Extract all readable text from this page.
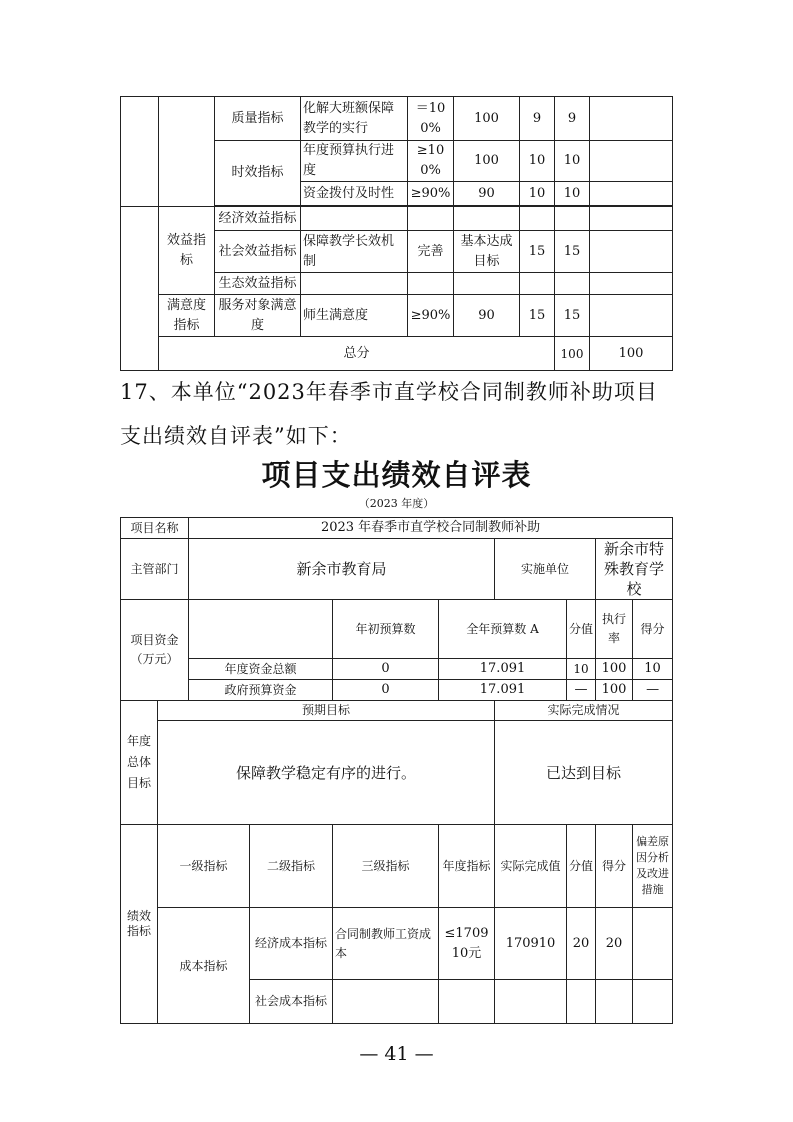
		质量指标	化解大班额保障教学的实行	＝100%	100	9	9		
		时效指标	年度预算执行进度	≥100%	100	10	10		
			资金拨付及时性	≥90%	90	10	10		

	效益指标	经济效益指标							
		社会效益指标	保障教学长效机制	完善	基本达成目标	15	15		
		生态效益指标							
	满意度指标	服务对象满意度	师生满意度	≥90%	90	15	15		
	总分						100	100	
17、本单位“2023年春季市直学校合同制教师补助项目
支出绩效自评表”如下：
项目支出绩效自评表
（2023 年度）
项目名称		2023 年春季市直学校合同制教师补助							
主管部门		新余市教育局				实施单位		新余市特殊教育学校	
项目资金（万元）				年初预算数	全年预算数 A		分值	执行率	得分
		年度资金总额		0	17.091		10	100	10
		政府预算资金		0	17.091		—	100	—
年度总体目标	预期目标					实际完成情况			
	保障教学稳定有序的进行。					已达到目标			
绩效指标	一级指标		二级指标	三级指标	年度指标	实际完成值	分值	得分	偏差原因分析及改进措施
	成本指标		经济成本指标	合同制教师工资成本	≤170910元	170910	20	20	
			社会成本指标						
— 41 —
